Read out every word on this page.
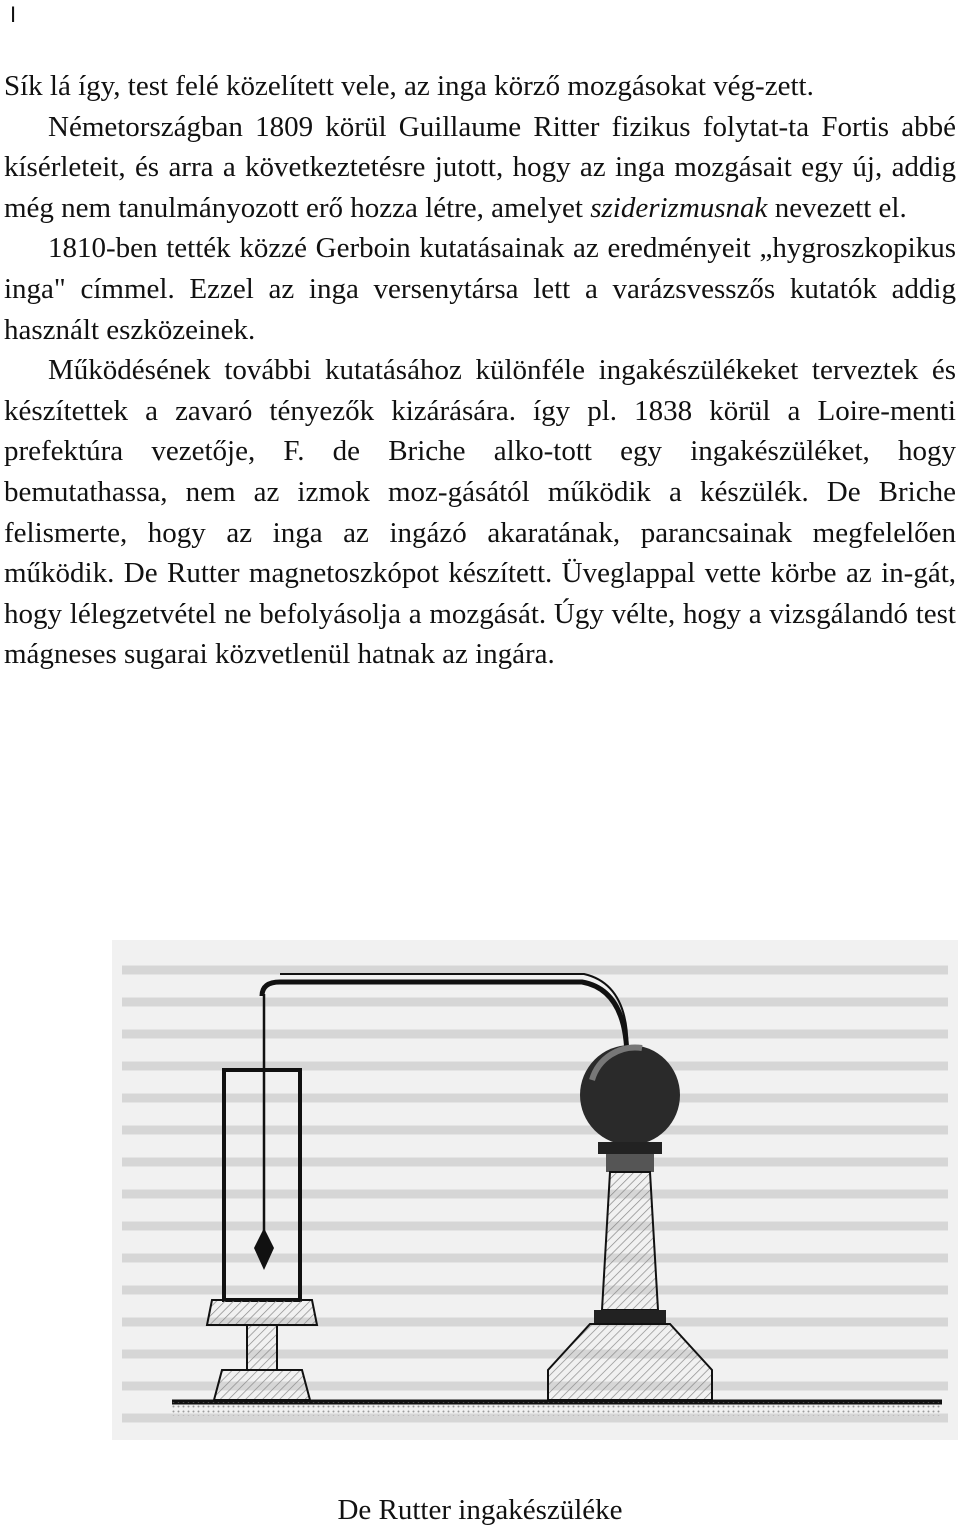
I

Sík lá így, test felé közelített vele, az inga körző mozgásokat vég-zett.

Németországban 1809 körül Guillaume Ritter fizikus folytat-ta Fortis abbé kísérleteit, és arra a következtetésre jutott, hogy az inga mozgásait egy új, addig még nem tanulmányozott erő hozza létre, amelyet sziderizmusnak nevezett el.

1810-ben tették közzé Gerboin kutatásainak az eredményeit „hygroszkopikus inga" címmel. Ezzel az inga versenytársa lett a varázsvesszős kutatók addig használt eszközeinek.

Működésének további kutatásához különféle ingakészülékeket terveztek és készítettek a zavaró tényezők kizárására. így pl. 1838 körül a Loire-menti prefektúra vezetője, F. de Briche alko-tott egy ingakészüléket, hogy bemutathassa, nem az izmok moz-gásától működik a készülék. De Briche felismerte, hogy az inga az ingázó akaratának, parancsainak megfelelően működik. De Rutter magnetoszkópot készített. Üveglappal vette körbe az in-gát, hogy lélegzetvétel ne befolyásolja a mozgását. Úgy vélte, hogy a vizsgálandó test mágneses sugarai közvetlenül hatnak az ingára.

De Rutter ingakészüléke
